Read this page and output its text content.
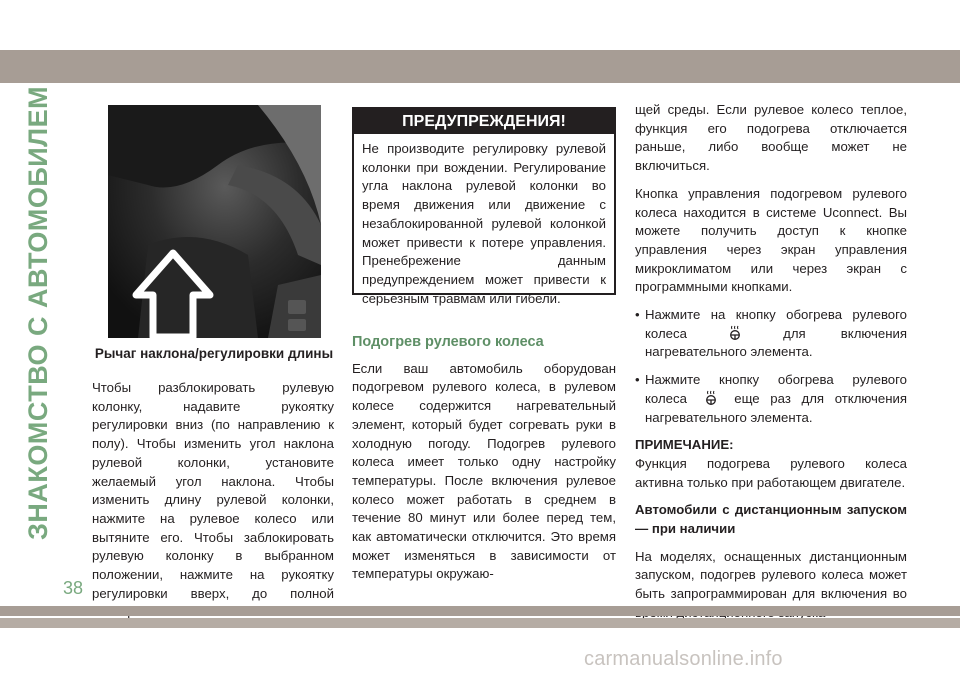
ЗНАКОМСТВО С АВТОМОБИЛЕМ
38
Рычаг наклона/регулировки длины

Чтобы разблокировать рулевую колонку, надавите рукоятку регулировки вниз (по направлению к полу). Чтобы изменить угол наклона рулевой колонки, установите желаемый угол наклона. Чтобы изменить длину рулевой колонки, нажмите на рулевое колесо или вытяните его. Чтобы заблокировать рулевую колонку в выбранном положении, нажмите на рукоятку регулировки вверх, до полной

ПРЕДУПРЕЖДЕНИЯ!
Не производите регулировку рулевой колонки при вождении. Регулирование угла наклона рулевой колонки во время движения или движение с незаблокированной рулевой колонкой может привести к потере управления. Пренебрежение данным предупреждением может привести к серьезным травмам или гибели.

Подогрев рулевого колеса

Если ваш автомобиль оборудован подогревом рулевого колеса, в рулевом колесе содержится нагревательный элемент, который будет согревать руки в холодную погоду. Подогрев рулевого колеса имеет только одну настройку температуры. После включения рулевое колесо может работать в среднем в течение 80 минут или более перед тем, как автоматически отключится. Это время может изменяться в зависимости от температуры окружаю-

щей среды. Если рулевое колесо теплое, функция его подогрева отключается раньше, либо вообще может не включиться.

Кнопка управления подогревом рулевого колеса находится в системе Uconnect. Вы можете получить доступ к кнопке управления через экран управления микроклиматом или через экран с программными кнопками.

• Нажмите на кнопку обогрева рулевого колеса	для включения нагревательного элемента.
• Нажмите кнопку обогрева рулевого колеса	еще раз для отключения нагревательного элемента.

ПРИМЕЧАНИЕ:

Функция подогрева рулевого колеса активна только при работающем двигателе.

Автомобили с дистанционным запуском — при наличии

На моделях, оснащенных дистанционным запуском, подогрев рулевого колеса может быть запрограммирован для включения во

carmanualsonline.info
